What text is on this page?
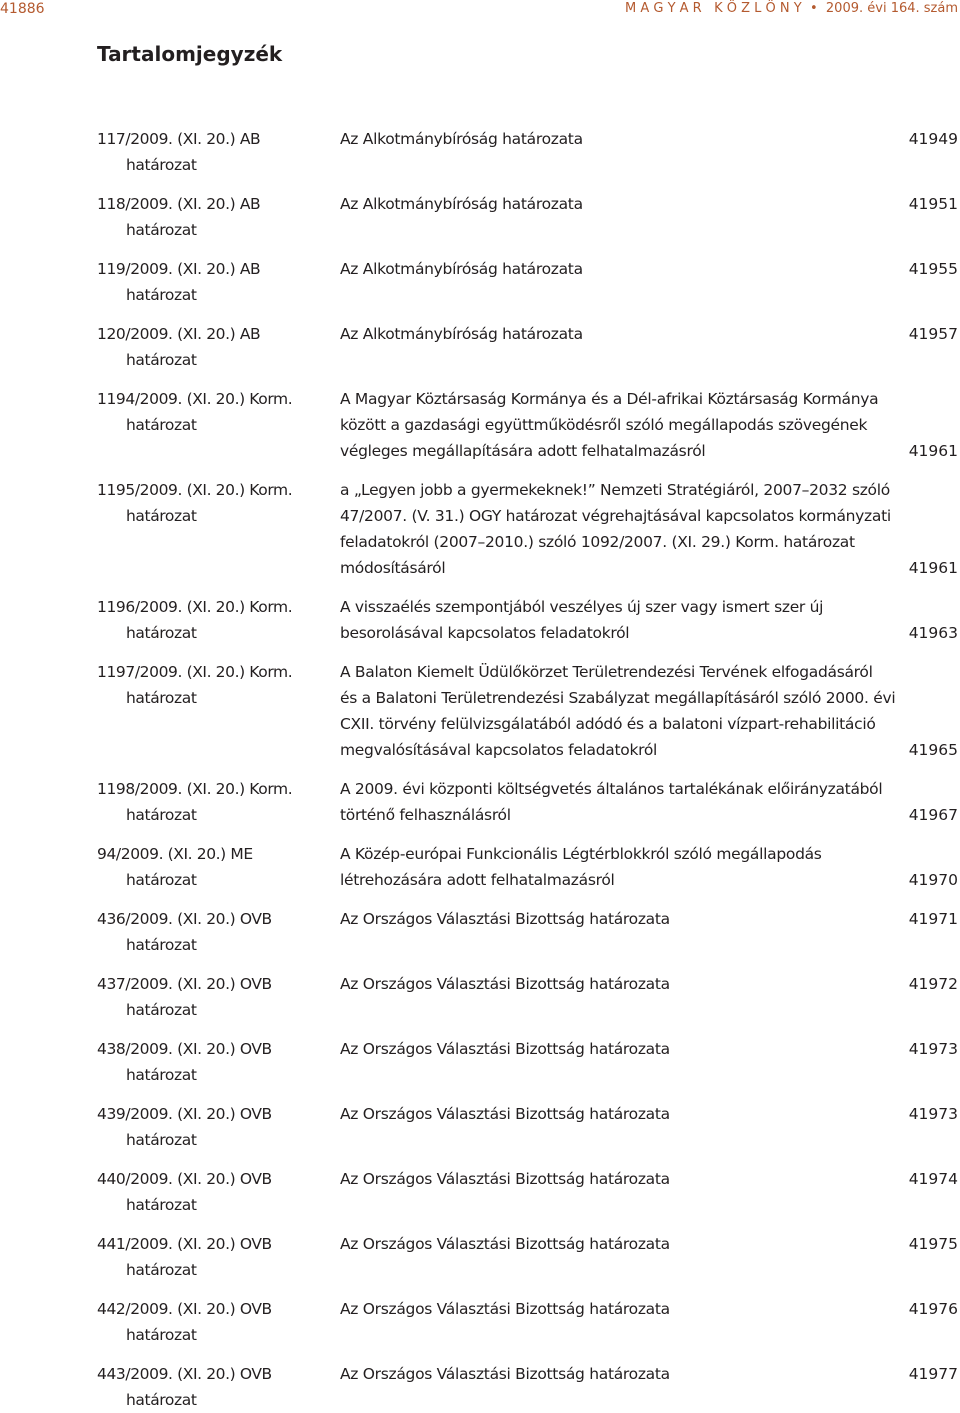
41886	M A G Y A R   K Ö Z L Ö N Y  •  2009. évi 164. szám
Tartalomjegyzék
117/2009. (XI. 20.) AB
határozat
Az Alkotmánybíróság határozata	41949
118/2009. (XI. 20.) AB
határozat
Az Alkotmánybíróság határozata	41951
119/2009. (XI. 20.) AB
határozat
Az Alkotmánybíróság határozata	41955
120/2009. (XI. 20.) AB
határozat
Az Alkotmánybíróság határozata	41957
1194/2009. (XI. 20.) Korm.
határozat
A Magyar Köztársaság Kormánya és a Dél-afrikai Köztársaság Kormánya
között a gazdasági együttműködésről szóló megállapodás szövegének
végleges megállapítására adott felhatalmazásról	41961
1195/2009. (XI. 20.) Korm.
határozat
a „Legyen jobb a gyermekeknek!” Nemzeti Stratégiáról, 2007–2032 szóló
47/2007. (V. 31.) OGY határozat végrehajtásával kapcsolatos kormányzati
feladatokról (2007–2010.) szóló 1092/2007. (XI. 29.) Korm. határozat
módosításáról	41961
1196/2009. (XI. 20.) Korm.
határozat
A visszaélés szempontjából veszélyes új szer vagy ismert szer új
besorolásával kapcsolatos feladatokról	41963
1197/2009. (XI. 20.) Korm.
határozat
A Balaton Kiemelt Üdülőkörzet Területrendezési Tervének elfogadásáról
és a Balatoni Területrendezési Szabályzat megállapításáról szóló 2000. évi
CXII. törvény felülvizsgálatából adódó és a balatoni vízpart-rehabilitáció
megvalósításával kapcsolatos feladatokról	41965
1198/2009. (XI. 20.) Korm.
határozat
A 2009. évi központi költségvetés általános tartalékának előirányzatából
történő felhasználásról	41967
94/2009. (XI. 20.) ME
határozat
A Közép-európai Funkcionális Légtérblokkról szóló megállapodás
létrehozására adott felhatalmazásról	41970
436/2009. (XI. 20.) OVB
határozat
Az Országos Választási Bizottság határozata	41971
437/2009. (XI. 20.) OVB
határozat
Az Országos Választási Bizottság határozata	41972
438/2009. (XI. 20.) OVB
határozat
Az Országos Választási Bizottság határozata	41973
439/2009. (XI. 20.) OVB
határozat
Az Országos Választási Bizottság határozata	41973
440/2009. (XI. 20.) OVB
határozat
Az Országos Választási Bizottság határozata	41974
441/2009. (XI. 20.) OVB
határozat
Az Országos Választási Bizottság határozata	41975
442/2009. (XI. 20.) OVB
határozat
Az Országos Választási Bizottság határozata	41976
443/2009. (XI. 20.) OVB
határozat
Az Országos Választási Bizottság határozata	41977
